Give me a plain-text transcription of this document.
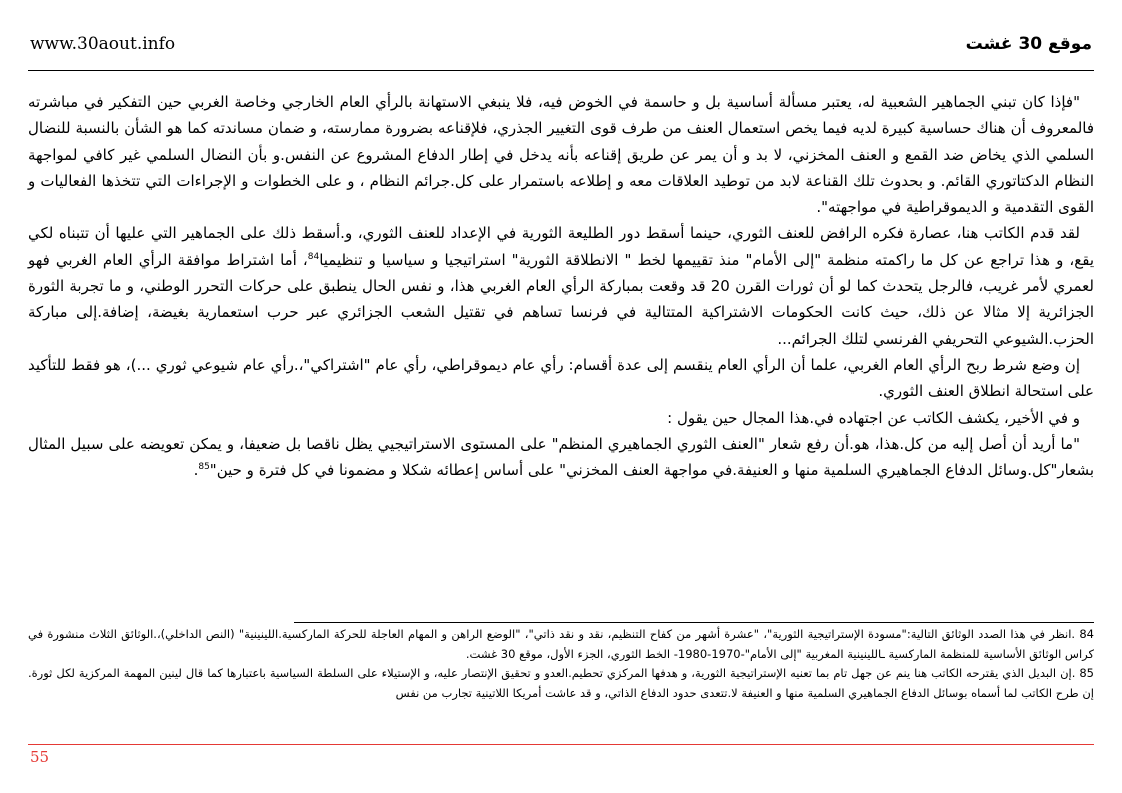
www.30aout.info	موقع 30 غشت

"فإذا كان تبني الجماهير الشعبية له، يعتبر مسألة أساسية بل و حاسمة في الخوض فيه، فلا ينبغي الاستهانة بالرأي العام الخارجي وخاصة الغربي حين التفكير في مباشرته فالمعروف أن هناك حساسية كبيرة لديه فيما يخص استعمال العنف من طرف قوى التغيير الجذري، فلإقناعه بضرورة ممارسته، و ضمان مساندته كما هو الشأن بالنسبة للنضال السلمي الذي يخاض ضد القمع و العنف المخزني، لا بد و أن يمر عن طريق إقناعه بأنه يدخل في إطار الدفاع المشروع عن النفس.و بأن النضال السلمي غير كافي لمواجهة النظام الدكتاتوري القائم. و بحدوث تلك القناعة لابد من توطيد العلاقات معه و إطلاعه باستمرار على كل.جرائم النظام ، و على الخطوات و الإجراءات التي تتخذها الفعاليات و القوى التقدمية و الديموقراطية في مواجهته".

لقد قدم الكاتب هنا، عصارة فكره الرافض للعنف الثوري، حينما أسقط دور الطليعة الثورية في الإعداد للعنف الثوري، و.أسقط ذلك على الجماهير التي عليها أن تتبناه لكي يقع، و هذا تراجع عن كل ما راكمته منظمة "إلى الأمام" منذ تقييمها لخط " الانطلاقة الثورية" استراتيجيا و سياسيا و تنظيميا$^{84}$، أما اشتراط موافقة الرأي العام الغربي فهو لعمري لأمر غريب، فالرجل يتحدث كما لو أن ثورات القرن 20 قد وقعت بمباركة الرأي العام الغربي هذا، و نفس الحال ينطبق على حركات التحرر الوطني، و ما تجربة الثورة الجزائرية إلا مثالا عن ذلك، حيث كانت الحكومات الاشتراكية المتتالية في فرنسا تساهم في تقتيل الشعب الجزائري عبر حرب استعمارية بغيضة، إضافة.إلى مباركة الحزب.الشيوعي التحريفي الفرنسي لتلك الجرائم...

إن وضع شرط ربح الرأي العام الغربي، علما أن الرأي العام ينقسم إلى عدة أقسام: رأي عام ديموقراطي، رأي عام "اشتراكي"،.رأي عام شيوعي ثوري ...)، هو فقط للتأكيد على استحالة انطلاق العنف الثوري.

و في الأخير، يكشف الكاتب عن اجتهاده في.هذا المجال حين يقول :

"ما أريد أن أصل إليه من كل.هذا، هو.أن رفع شعار "العنف الثوري الجماهيري المنظم" على المستوى الاستراتيجيي يظل ناقصا بل ضعيفا، و يمكن تعويضه على سبيل المثال بشعار"كل.وسائل الدفاع الجماهيري السلمية منها و العنيفة.في مواجهة العنف المخزني" على أساس إعطائه شكلا و مضمونا في كل فترة و حين"$^{85}$.

84 .انظر في هذا الصدد الوثائق التالية:"مسودة الإستراتيجية الثورية"، "عشرة أشهر من كفاح التنظيم، نقد و نقد ذاتي"، "الوضع الراهن و المهام العاجلة للحركة الماركسية.اللينينية" (النص الداخلي)،.الوثائق الثلاث منشورة في كراس الوثائق الأساسية للمنظمة الماركسية ـاللينينية المغربية "إلى الأمام"-1970-1980- الخط الثوري، الجزء الأول، موقع 30 غشت.

85 .إن البديل الذي يقترحه الكاتب هنا ينم عن جهل تام بما تعنيه الإستراتيجية الثورية، و هدفها المركزي تحطيم.العدو و تحقيق الإنتصار عليه، و الإستيلاء على السلطة السياسية باعتبارها كما قال لينين المهمة المركزية لكل ثورة. إن طرح الكاتب لما أسماه بوسائل الدفاع الجماهيري السلمية منها و العنيفة لا.تتعدى حدود الدفاع الذاتي، و قد عاشت أمريكا اللاتينية تجارب من نفس

55
